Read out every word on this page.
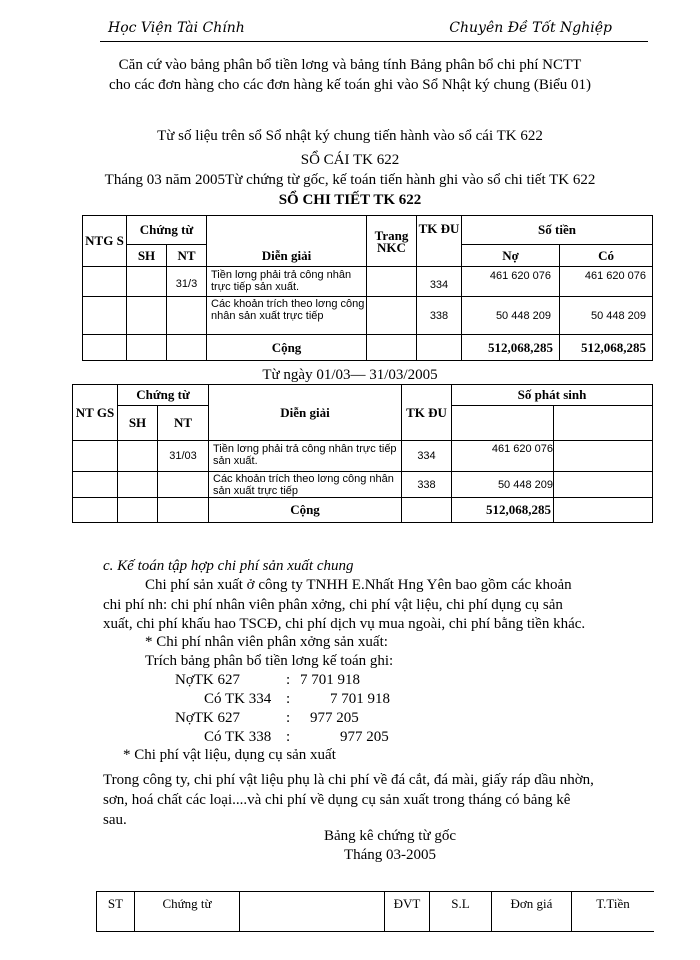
Học Viện Tài Chính	Chuyên Đề Tốt Nghiệp
Căn cứ vào bảng phân bổ tiền lơng và bảng tính Bảng phân bổ chi phí NCTT
cho các đơn hàng cho các đơn hàng kế toán ghi vào Sổ Nhật ký chung (Biểu 01)
Từ số liệu trên sổ Sổ nhật ký chung tiến hành vào sổ cái TK 622
SỔ CÁI TK 622
Tháng 03 năm 2005Từ chứng từ gốc, kế toán tiến hành ghi vào sổ chi tiết TK 622
SỔ CHI TIẾT TK 622
NTG S	Chứng từ		Diễn giải	Trang NKC	TK ĐU	Số tiền	
	SH	NT				Nợ	Có
		31/3	Tiền lơng phải trả công nhân trực tiếp sản xuất.		334	461 620 076	461 620 076
			Các khoản trích theo lơng công nhân sản xuất trực tiếp		338	50 448 209	50 448 209
			Cộng			512,068,285	512,068,285
Từ ngày 01/03— 31/03/2005
NT GS	Chứng từ		Diễn giải	TK ĐU	Số phát sinh	
	SH	NT				
		31/03	Tiền lơng phải trả công nhân trực tiếp sản xuất.	334	461 620 076	
			Các khoản trích theo lơng công nhân sản xuất trực tiếp	338	50 448 209	
			Cộng		512,068,285	
c. Kế toán tập hợp chi phí sản xuất chung
Chi phí sản xuất ở công ty TNHH E.Nhất Hng Yên bao gồm các khoản
chi phí nh: chi phí nhân viên phân xởng, chi phí vật liệu, chi phí dụng cụ sản
xuất, chi phí khấu hao TSCĐ, chi phí dịch vụ mua ngoài, chi phí bằng tiền khác.
* Chi phí nhân viên phân xởng sản xuất:
Trích bảng phân bổ tiền lơng kế toán ghi:
NợTK 627	: 7 701 918
Có TK 334 :	7 701 918
NợTK 627	: 977 205
Có TK 338 :	977 205
* Chi phí vật liệu, dụng cụ sản xuất
Trong công ty, chi phí vật liệu phụ là chi phí về đá cắt, đá mài, giấy ráp dầu nhờn,
sơn, hoá chất các loại....và chi phí về dụng cụ sản xuất trong tháng có bảng kê
sau.
Bảng kê chứng từ gốc
Tháng 03-2005
ST	Chứng từ		ĐVT	S.L	Đơn giá	T.Tiền
